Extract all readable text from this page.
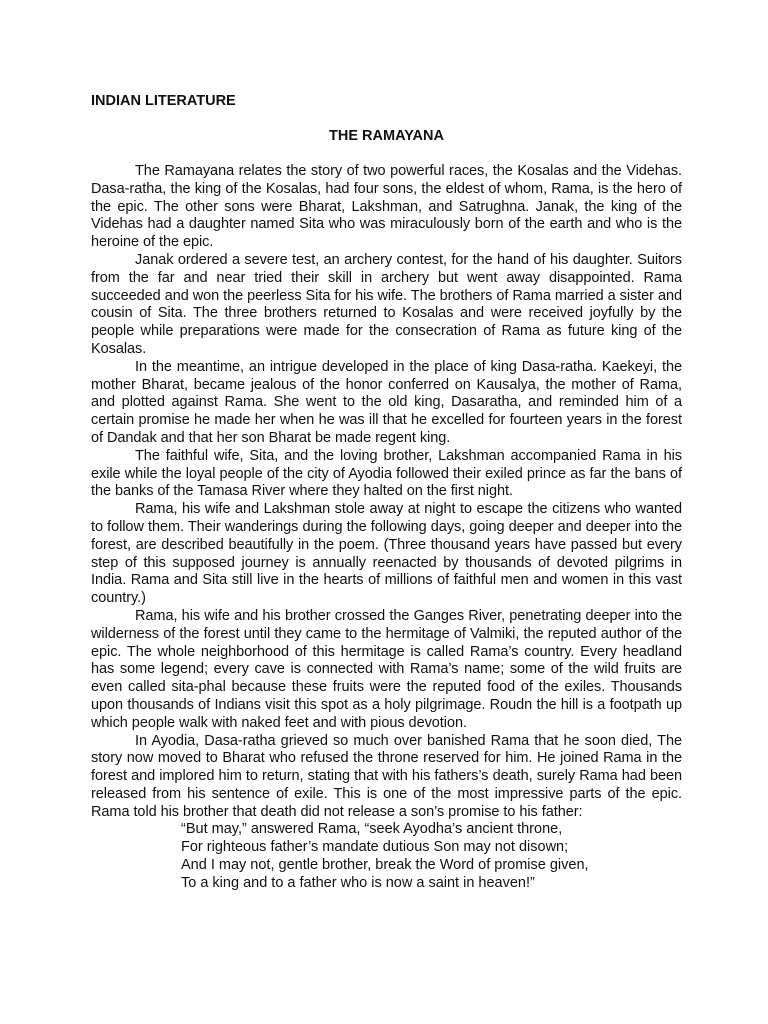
INDIAN LITERATURE

THE RAMAYANA

The Ramayana relates the story of two powerful races, the Kosalas and the Videhas. Dasa-ratha, the king of the Kosalas, had four sons, the eldest of whom, Rama, is the hero of the epic. The other sons were Bharat, Lakshman, and Satrughna. Janak, the king of the Videhas had a daughter named Sita who was miraculously born of the earth and who is the heroine of the epic.

Janak ordered a severe test, an archery contest, for the hand of his daughter. Suitors from the far and near tried their skill in archery but went away disappointed. Rama succeeded and won the peerless Sita for his wife. The brothers of Rama married a sister and cousin of Sita. The three brothers returned to Kosalas and were received joyfully by the people while preparations were made for the consecration of Rama as future king of the Kosalas.

In the meantime, an intrigue developed in the place of king Dasa-ratha. Kaekeyi, the mother Bharat, became jealous of the honor conferred on Kausalya, the mother of Rama, and plotted against Rama. She went to the old king, Dasaratha, and reminded him of a certain promise he made her when he was ill that he excelled for fourteen years in the forest of Dandak and that her son Bharat be made regent king.

The faithful wife, Sita, and the loving brother, Lakshman accompanied Rama in his exile while the loyal people of the city of Ayodia followed their exiled prince as far the bans of the banks of the Tamasa River where they halted on the first night.

Rama, his wife and Lakshman stole away at night to escape the citizens who wanted to follow them. Their wanderings during the following days, going deeper and deeper into the forest, are described beautifully in the poem. (Three thousand years have passed but every step of this supposed journey is annually reenacted by thousands of devoted pilgrims in India. Rama and Sita still live in the hearts of millions of faithful men and women in this vast country.)

Rama, his wife and his brother crossed the Ganges River, penetrating deeper into the wilderness of the forest until they came to the hermitage of Valmiki, the reputed author of the epic. The whole neighborhood of this hermitage is called Rama’s country. Every headland has some legend; every cave is connected with Rama’s name; some of the wild fruits are even called sita-phal because these fruits were the reputed food of the exiles. Thousands upon thousands of Indians visit this spot as a holy pilgrimage. Roudn the hill is a footpath up which people walk with naked feet and with pious devotion.

In Ayodia, Dasa-ratha grieved so much over banished Rama that he soon died, The story now moved to Bharat who refused the throne reserved for him. He joined Rama in the forest and implored him to return, stating that with his fathers’s death, surely Rama had been released from his sentence of exile. This is one of the most impressive parts of the epic. Rama told his brother that death did not release a son’s promise to his father:

“But may,” answered Rama, “seek Ayodha’s ancient throne,
For righteous father’s mandate dutious Son may not disown;
And I may not, gentle brother, break the Word of promise given,
To a king and to a father who is now a saint in heaven!”
